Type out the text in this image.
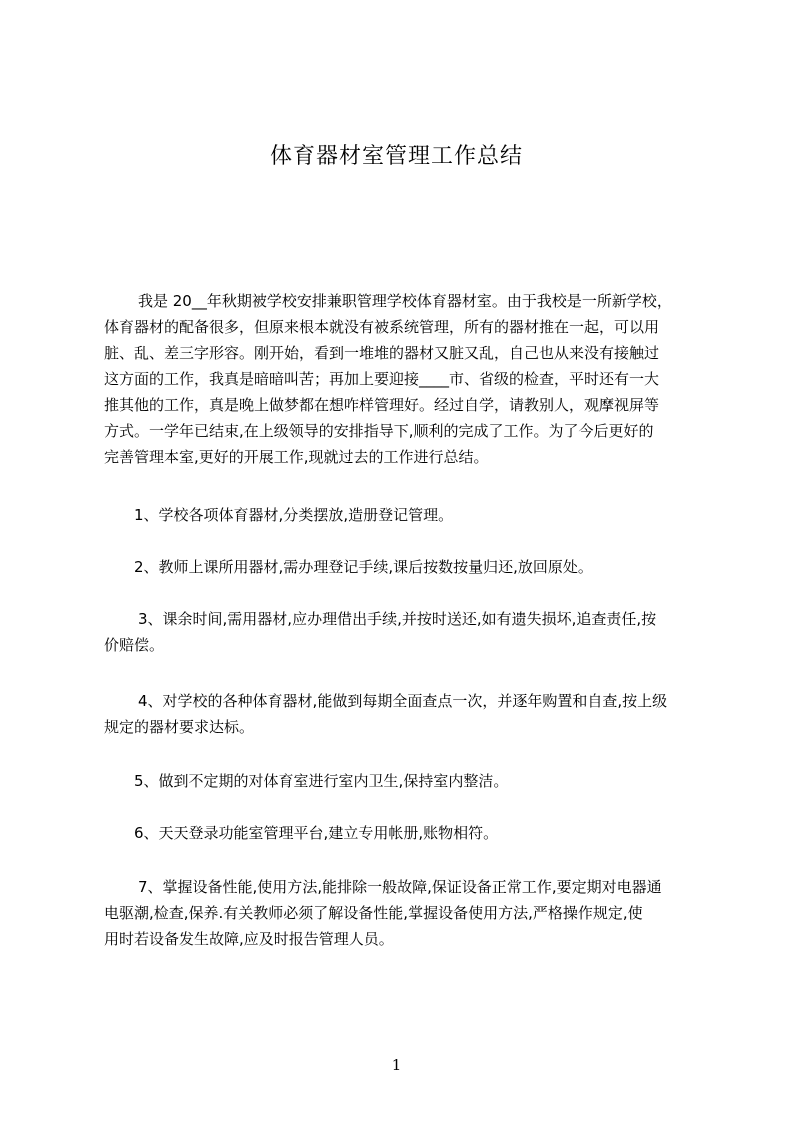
体育器材室管理工作总结

我是 20__年秋期被学校安排兼职管理学校体育器材室。由于我校是一所新学校，
体育器材的配备很多，但原来根本就没有被系统管理，所有的器材推在一起，可以用
脏、乱、差三字形容。刚开始，看到一堆堆的器材又脏又乱，自己也从来没有接触过
这方面的工作，我真是暗暗叫苦；再加上要迎接____市、省级的检查，平时还有一大
推其他的工作，真是晚上做梦都在想咋样管理好。经过自学，请教别人，观摩视屏等
方式。一学年已结束,在上级领导的安排指导下,顺利的完成了工作。为了今后更好的
完善管理本室,更好的开展工作,现就过去的工作进行总结。

1、学校各项体育器材,分类摆放,造册登记管理。

2、教师上课所用器材,需办理登记手续,课后按数按量归还,放回原处。

3、课余时间,需用器材,应办理借出手续,并按时送还,如有遗失损坏,追查责任,按
价赔偿。

4、对学校的各种体育器材,能做到每期全面查点一次，并逐年购置和自查,按上级
规定的器材要求达标。

5、做到不定期的对体育室进行室内卫生,保持室内整洁。

6、天天登录功能室管理平台,建立专用帐册,账物相符。

7、掌握设备性能,使用方法,能排除一般故障,保证设备正常工作,要定期对电器通
电驱潮,检查,保养.有关教师必须了解设备性能,掌握设备使用方法,严格操作规定,使
用时若设备发生故障,应及时报告管理人员。

1
